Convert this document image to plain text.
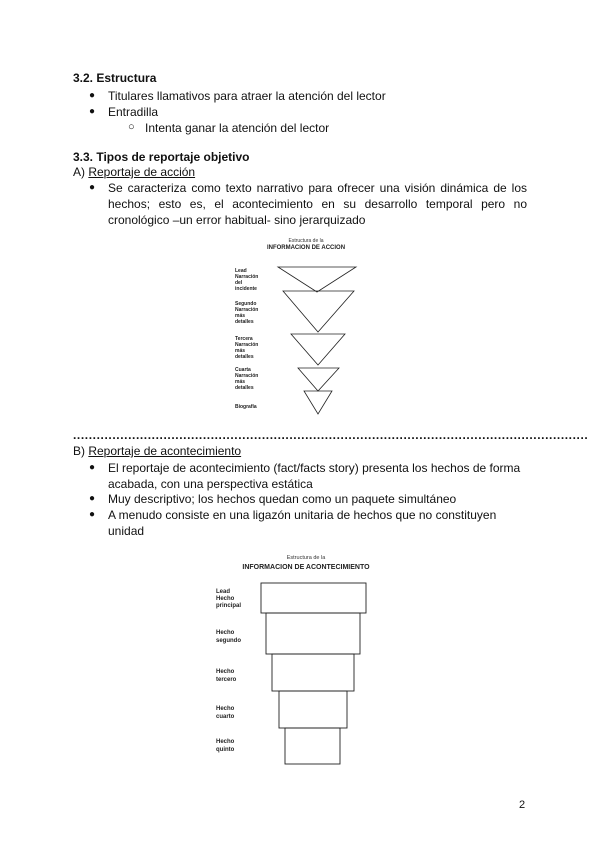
3.2. Estructura
● Titulares llamativos para atraer la atención del lector
● Entradilla
○ Intenta ganar la atención del lector
3.3. Tipos de reportaje objetivo
A) Reportaje de acción
● Se caracteriza como texto narrativo para ofrecer una visión dinámica de los hechos; esto es, el acontecimiento en su desarrollo temporal pero no cronológico –un error habitual- sino jerarquizado
Estructura de la
INFORMACION DE ACCION
Lead
Narración
del
incidente
Segundo
Narración
más
detalles
Tercera
Narración
más
detalles
Cuarta
Narración
más
detalles
Biografía
...................................................................................................................................
B) Reportaje de acontecimiento
● El reportaje de acontecimiento (fact/facts story) presenta los hechos de forma acabada, con una perspectiva estática
● Muy descriptivo; los hechos quedan como un paquete simultáneo
● A menudo consiste en una ligazón unitaria de hechos que no constituyen unidad
Estructura de la
INFORMACION DE ACONTECIMIENTO
Lead
Hecho
principal
Hecho
segundo
Hecho
tercero
Hecho
cuarto
Hecho
quinto
2
